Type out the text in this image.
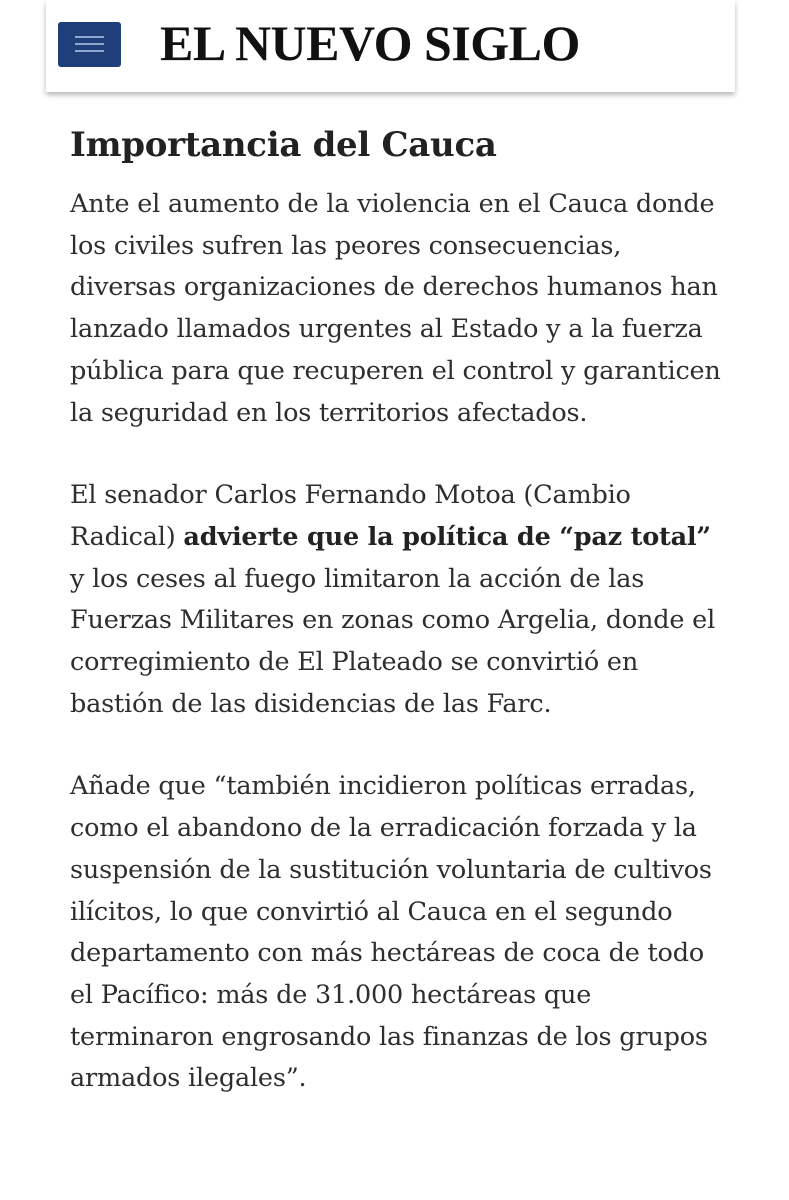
EL NUEVO SIGLO
Importancia del Cauca

Ante el aumento de la violencia en el Cauca donde los civiles sufren las peores consecuencias, diversas organizaciones de derechos humanos han lanzado llamados urgentes al Estado y a la fuerza pública para que recuperen el control y garanticen la seguridad en los territorios afectados.

El senador Carlos Fernando Motoa (Cambio Radical) advierte que la política de “paz total” y los ceses al fuego limitaron la acción de las Fuerzas Militares en zonas como Argelia, donde el corregimiento de El Plateado se convirtió en bastión de las disidencias de las Farc.

Añade que “también incidieron políticas erradas, como el abandono de la erradicación forzada y la suspensión de la sustitución voluntaria de cultivos ilícitos, lo que convirtió al Cauca en el segundo departamento con más hectáreas de coca de todo el Pacífico: más de 31.000 hectáreas que terminaron engrosando las finanzas de los grupos armados ilegales”.
